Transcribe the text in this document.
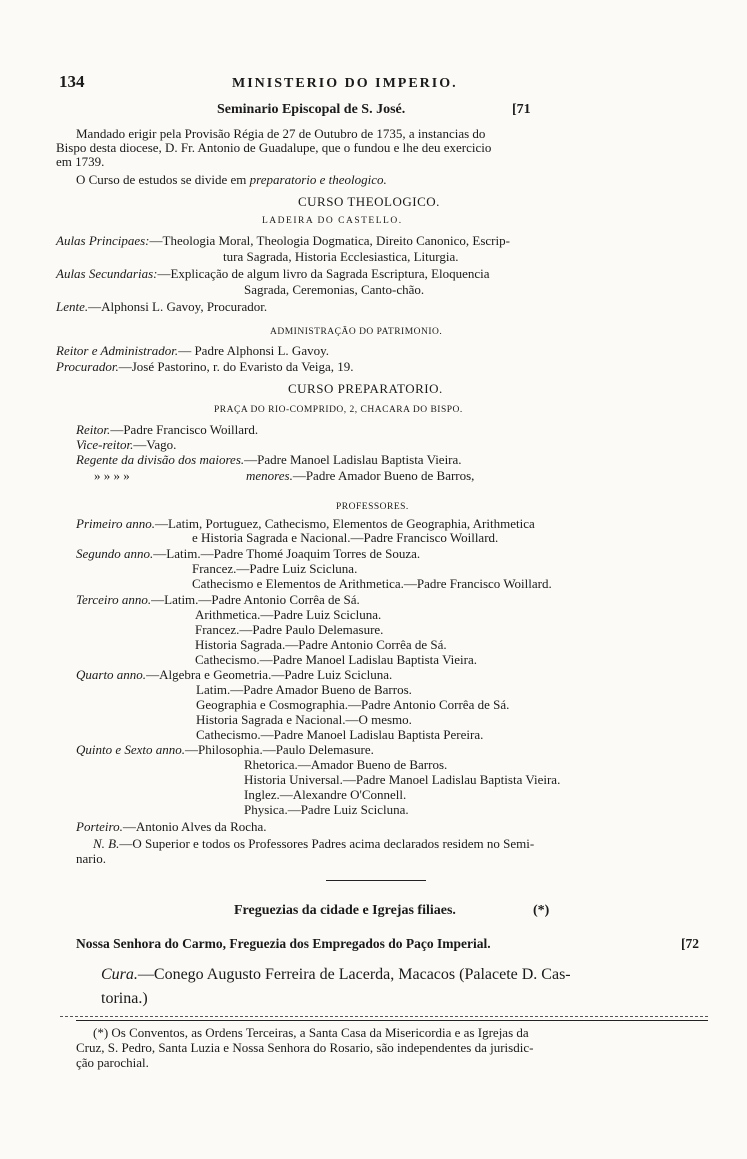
134	MINISTERIO DO IMPERIO.
Seminario Episcopal de S. José.	[71
Mandado erigir pela Provisão Régia de 27 de Outubro de 1735, a instancias do
Bispo desta diocese, D. Fr. Antonio de Guadalupe, que o fundou e lhe deu exercicio
em 1739.
O Curso de estudos se divide em preparatorio e theologico.
CURSO THEOLOGICO.
LADEIRA DO CASTELLO.
Aulas Principaes:—Theologia Moral, Theologia Dogmatica, Direito Canonico, Escrip-
tura Sagrada, Historia Ecclesiastica, Liturgia.
Aulas Secundarias:—Explicação de algum livro da Sagrada Escriptura, Eloquencia
Sagrada, Ceremonias, Canto-chão.
Lente.—Alphonsi L. Gavoy, Procurador.
ADMINISTRAÇÃO DO PATRIMONIO.
Reitor e Administrador.— Padre Alphonsi L. Gavoy.
Procurador.—José Pastorino, r. do Evaristo da Veiga, 19.
CURSO PREPARATORIO.
PRAÇA DO RIO-COMPRIDO, 2, CHACARA DO BISPO.
Reitor.—Padre Francisco Woillard.
Vice-reitor.—Vago.
Regente da divisão dos maiores.—Padre Manoel Ladislau Baptista Vieira.
» » » »	menores.—Padre Amador Bueno de Barros,
PROFESSORES.
Primeiro anno.—Latim, Portuguez, Cathecismo, Elementos de Geographia, Arithmetica
e Historia Sagrada e Nacional.—Padre Francisco Woillard.
Segundo anno.—Latim.—Padre Thomé Joaquim Torres de Souza.
Francez.—Padre Luiz Scicluna.
Cathecismo e Elementos de Arithmetica.—Padre Francisco Woillard.
Terceiro anno.—Latim.—Padre Antonio Corrêa de Sá.
Arithmetica.—Padre Luiz Scicluna.
Francez.—Padre Paulo Delemasure.
Historia Sagrada.—Padre Antonio Corrêa de Sá.
Cathecismo.—Padre Manoel Ladislau Baptista Vieira.
Quarto anno.—Algebra e Geometria.—Padre Luiz Scicluna.
Latim.—Padre Amador Bueno de Barros.
Geographia e Cosmographia.—Padre Antonio Corrêa de Sá.
Historia Sagrada e Nacional.—O mesmo.
Cathecismo.—Padre Manoel Ladislau Baptista Pereira.
Quinto e Sexto anno.—Philosophia.—Paulo Delemasure.
Rhetorica.—Amador Bueno de Barros.
Historia Universal.—Padre Manoel Ladislau Baptista Vieira.
Inglez.—Alexandre O'Connell.
Physica.—Padre Luiz Scicluna.
Porteiro.—Antonio Alves da Rocha.
N. B.—O Superior e todos os Professores Padres acima declarados residem no Semi-
nario.
Freguezias da cidade e Igrejas filiaes.	(*)
Nossa Senhora do Carmo, Freguezia dos Empregados do Paço Imperial.	[72
Cura.—Conego Augusto Ferreira de Lacerda, Macacos (Palacete D. Cas-
torina.)
(*) Os Conventos, as Ordens Terceiras, a Santa Casa da Misericordia e as Igrejas da
Cruz, S. Pedro, Santa Luzia e Nossa Senhora do Rosario, são independentes da jurisdic-
ção parochial.
